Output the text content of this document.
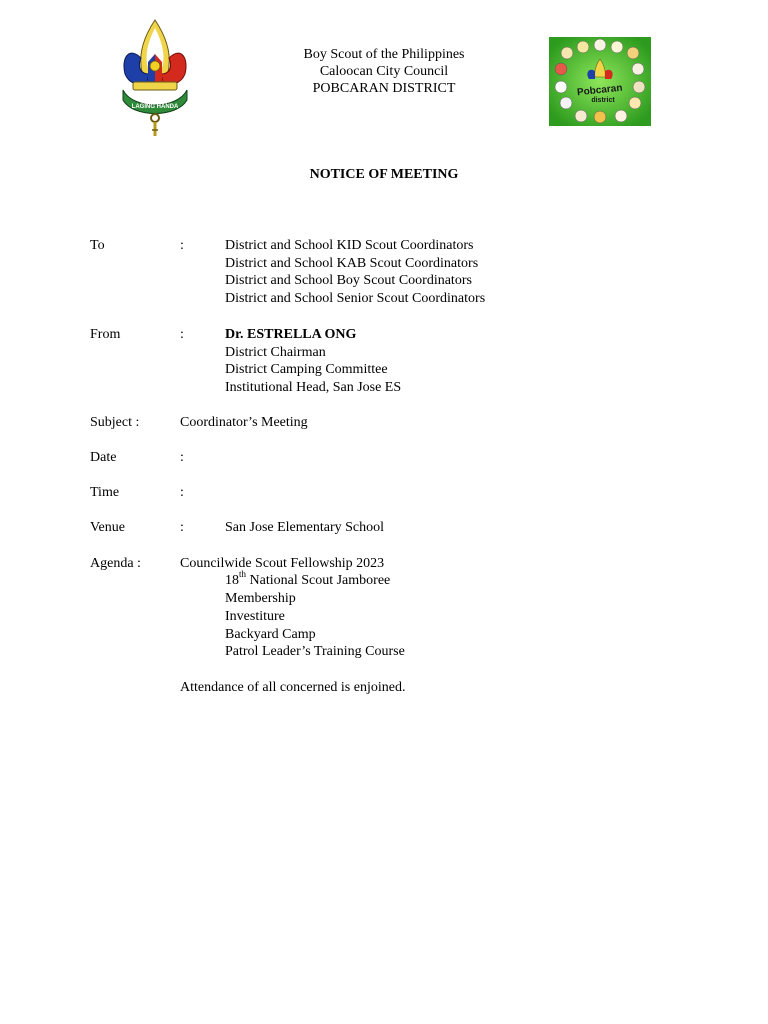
LAGING HANDA
Pobcaran
district
Boy Scout of the Philippines
Caloocan City Council
POBCARAN DISTRICT
NOTICE OF MEETING
To	:	District and School KID Scout Coordinators
District and School KAB Scout Coordinators
District and School Boy Scout Coordinators
District and School Senior Scout Coordinators
From	:	Dr. ESTRELLA ONG
District Chairman
District Camping Committee
Institutional Head, San Jose ES
Subject :	Coordinator’s Meeting
Date	:
Time	:
Venue	:	San Jose Elementary School
Agenda :	Councilwide Scout Fellowship 2023
18th National Scout Jamboree
Membership
Investiture
Backyard Camp
Patrol Leader’s Training Course
Attendance of all concerned is enjoined.
